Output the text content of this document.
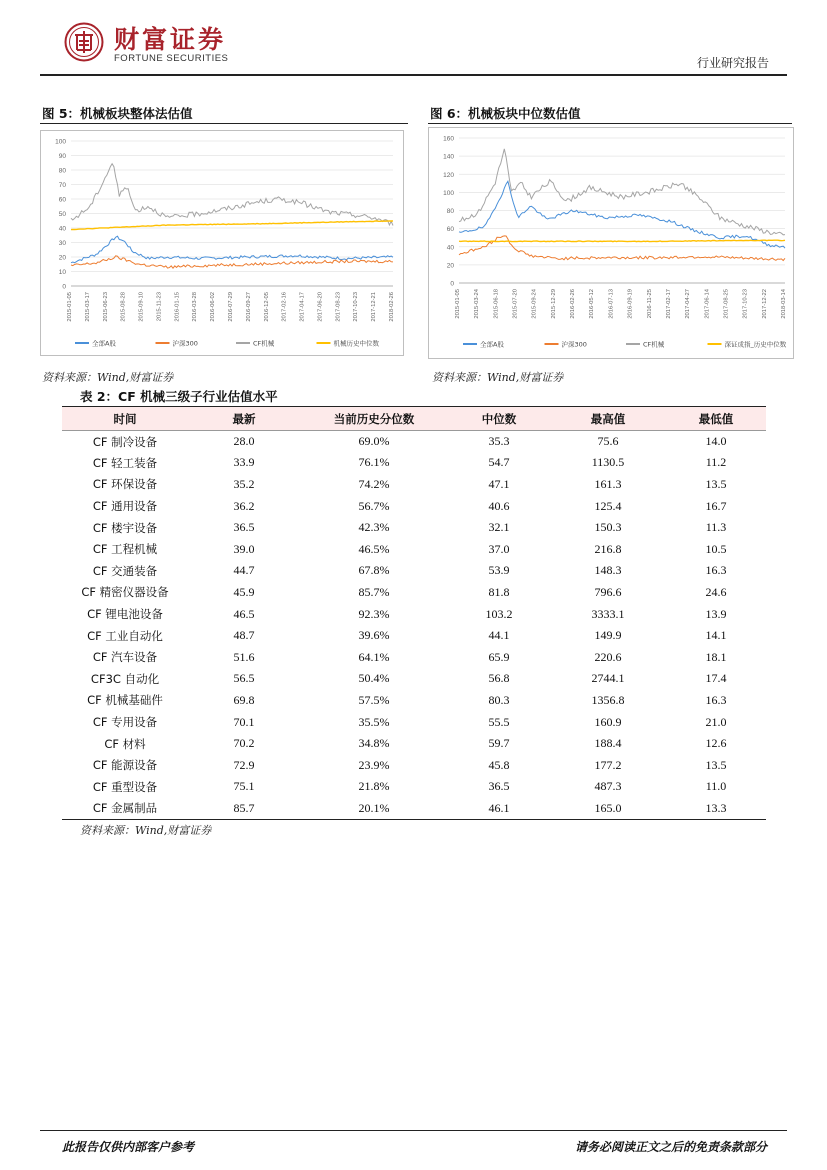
财富证券
FORTUNE SECURITIES	行业研究报告
图 5：机械板块整体法估值
0
10
20
30
40
50
60
70
80
90
100
2015-01-05 2015-03-17 2015-06-23 2015-08-28 2015-09-10 2015-11-23 2016-01-15 2016-03-28 2016-06-02 2016-07-29 2016-09-27 2016-12-05 2017-02-16 2017-04-17 2017-06-20 2017-08-23 2017-10-23 2017-12-21 2018-02-26
全部A股	沪深300	CF机械	机械历史中位数
资料来源：Wind,财富证券
图 6：机械板块中位数估值
0
20
40
60
80
100
120
140
160
2015-01-05 2015-03-24 2015-06-18 2015-07-20 2015-09-24 2015-12-29 2016-02-26 2016-05-12 2016-07-13 2016-09-19 2016-11-25 2017-02-17 2017-04-27 2017-06-14 2017-08-25 2017-10-23 2017-12-22 2018-03-14
全部A股	沪深300	CF机械	深证成指_历史中位数
资料来源：Wind,财富证券
表 2：CF 机械三级子行业估值水平
时间	最新	当前历史分位数	中位数	最高值	最低值
CF 制冷设备	28.0	69.0%	35.3	75.6	14.0
CF 轻工装备	33.9	76.1%	54.7	1130.5	11.2
CF 环保设备	35.2	74.2%	47.1	161.3	13.5
CF 通用设备	36.2	56.7%	40.6	125.4	16.7
CF 楼宇设备	36.5	42.3%	32.1	150.3	11.3
CF 工程机械	39.0	46.5%	37.0	216.8	10.5
CF 交通装备	44.7	67.8%	53.9	148.3	16.3
CF 精密仪器设备	45.9	85.7%	81.8	796.6	24.6
CF 锂电池设备	46.5	92.3%	103.2	3333.1	13.9
CF 工业自动化	48.7	39.6%	44.1	149.9	14.1
CF 汽车设备	51.6	64.1%	65.9	220.6	18.1
CF3C 自动化	56.5	50.4%	56.8	2744.1	17.4
CF 机械基础件	69.8	57.5%	80.3	1356.8	16.3
CF 专用设备	70.1	35.5%	55.5	160.9	21.0
CF 材料	70.2	34.8%	59.7	188.4	12.6
CF 能源设备	72.9	23.9%	45.8	177.2	13.5
CF 重型设备	75.1	21.8%	36.5	487.3	11.0
CF 金属制品	85.7	20.1%	46.1	165.0	13.3
资料来源：Wind,财富证券
此报告仅供内部客户参考	请务必阅读正文之后的免责条款部分
